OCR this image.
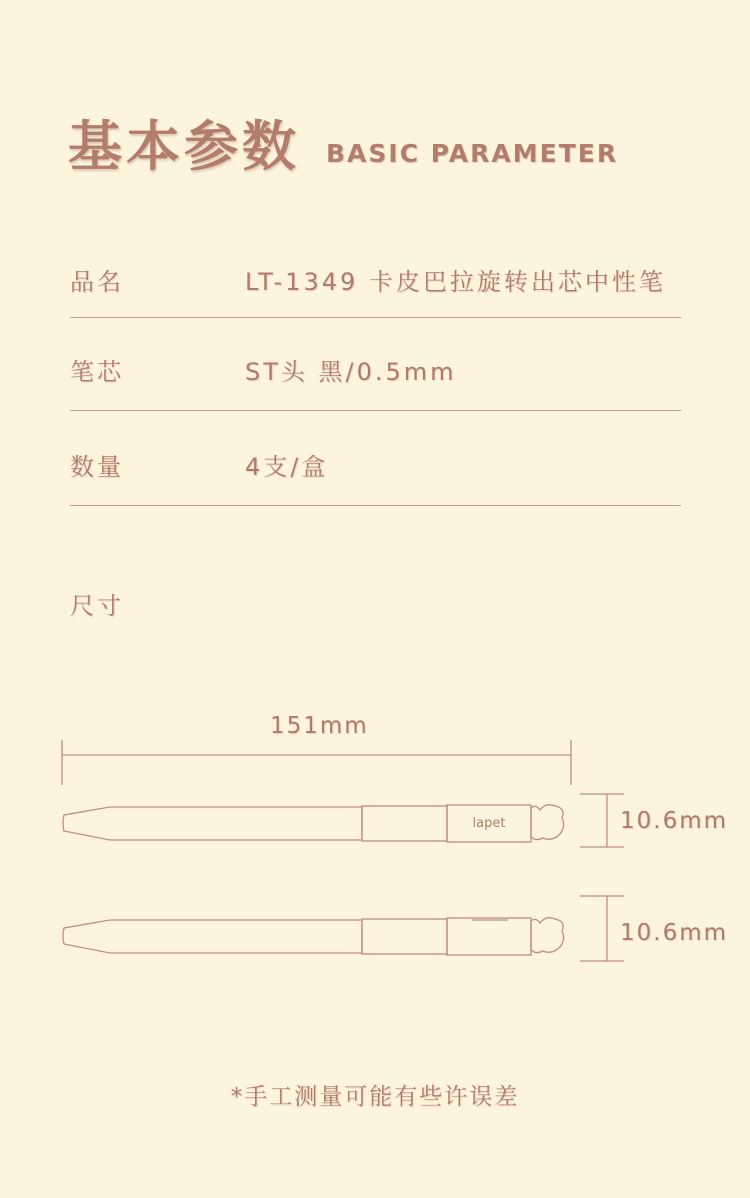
基本参数 BASIC PARAMETER
品名	LT-1349 卡皮巴拉旋转出芯中性笔
笔芯	ST头 黑/0.5mm
数量	4支/盒
尺寸
151mm
10.6mm
10.6mm
lapet
*手工测量可能有些许误差
